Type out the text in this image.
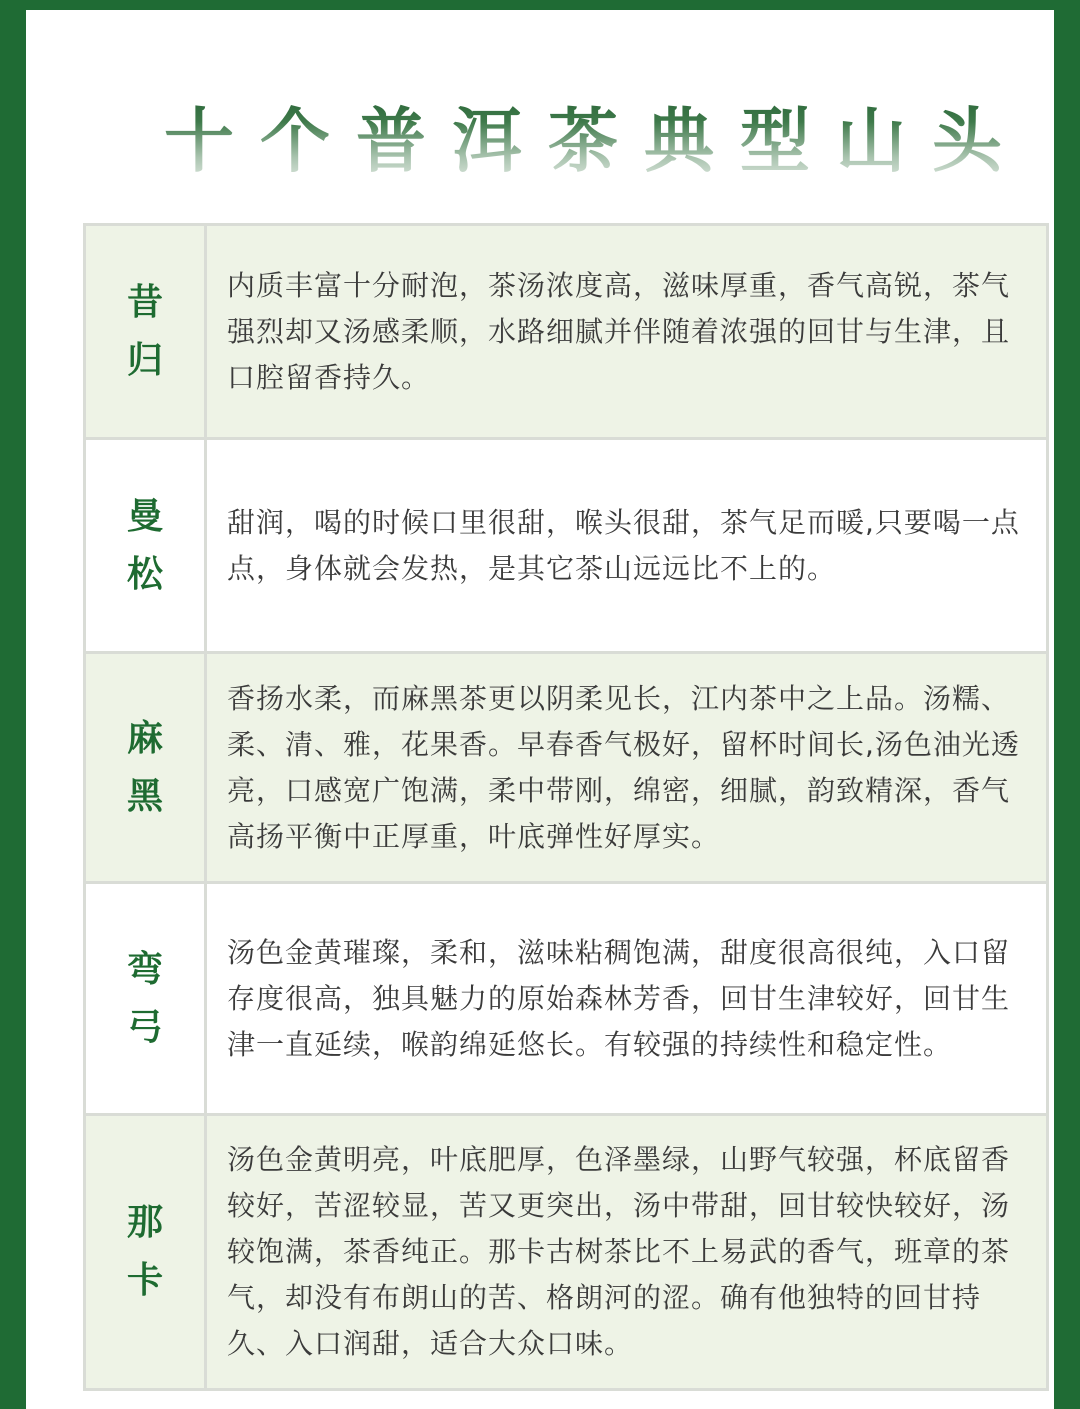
十个普洱茶典型山头
昔
归

内质丰富十分耐泡，茶汤浓度高，滋味厚重，香气高锐，茶气强烈却又汤感柔顺，水路细腻并伴随着浓强的回甘与生津，且口腔留香持久。

曼
松

甜润，喝的时候口里很甜，喉头很甜，茶气足而暖,只要喝一点点，身体就会发热，是其它茶山远远比不上的。

麻
黑

香扬水柔，而麻黑茶更以阴柔见长，江内茶中之上品。汤糯、柔、清、雅，花果香。早春香气极好，留杯时间长,汤色油光透亮，口感宽广饱满，柔中带刚，绵密，细腻，韵致精深，香气高扬平衡中正厚重，叶底弹性好厚实。

弯
弓

汤色金黄璀璨，柔和，滋味粘稠饱满，甜度很高很纯，入口留存度很高，独具魅力的原始森林芳香，回甘生津较好，回甘生津一直延续，喉韵绵延悠长。有较强的持续性和稳定性。

那
卡

汤色金黄明亮，叶底肥厚，色泽墨绿，山野气较强，杯底留香较好，苦涩较显，苦又更突出，汤中带甜，回甘较快较好，汤较饱满，茶香纯正。那卡古树茶比不上易武的香气，班章的茶气，却没有布朗山的苦、格朗河的涩。确有他独特的回甘持久、入口润甜，适合大众口味。
